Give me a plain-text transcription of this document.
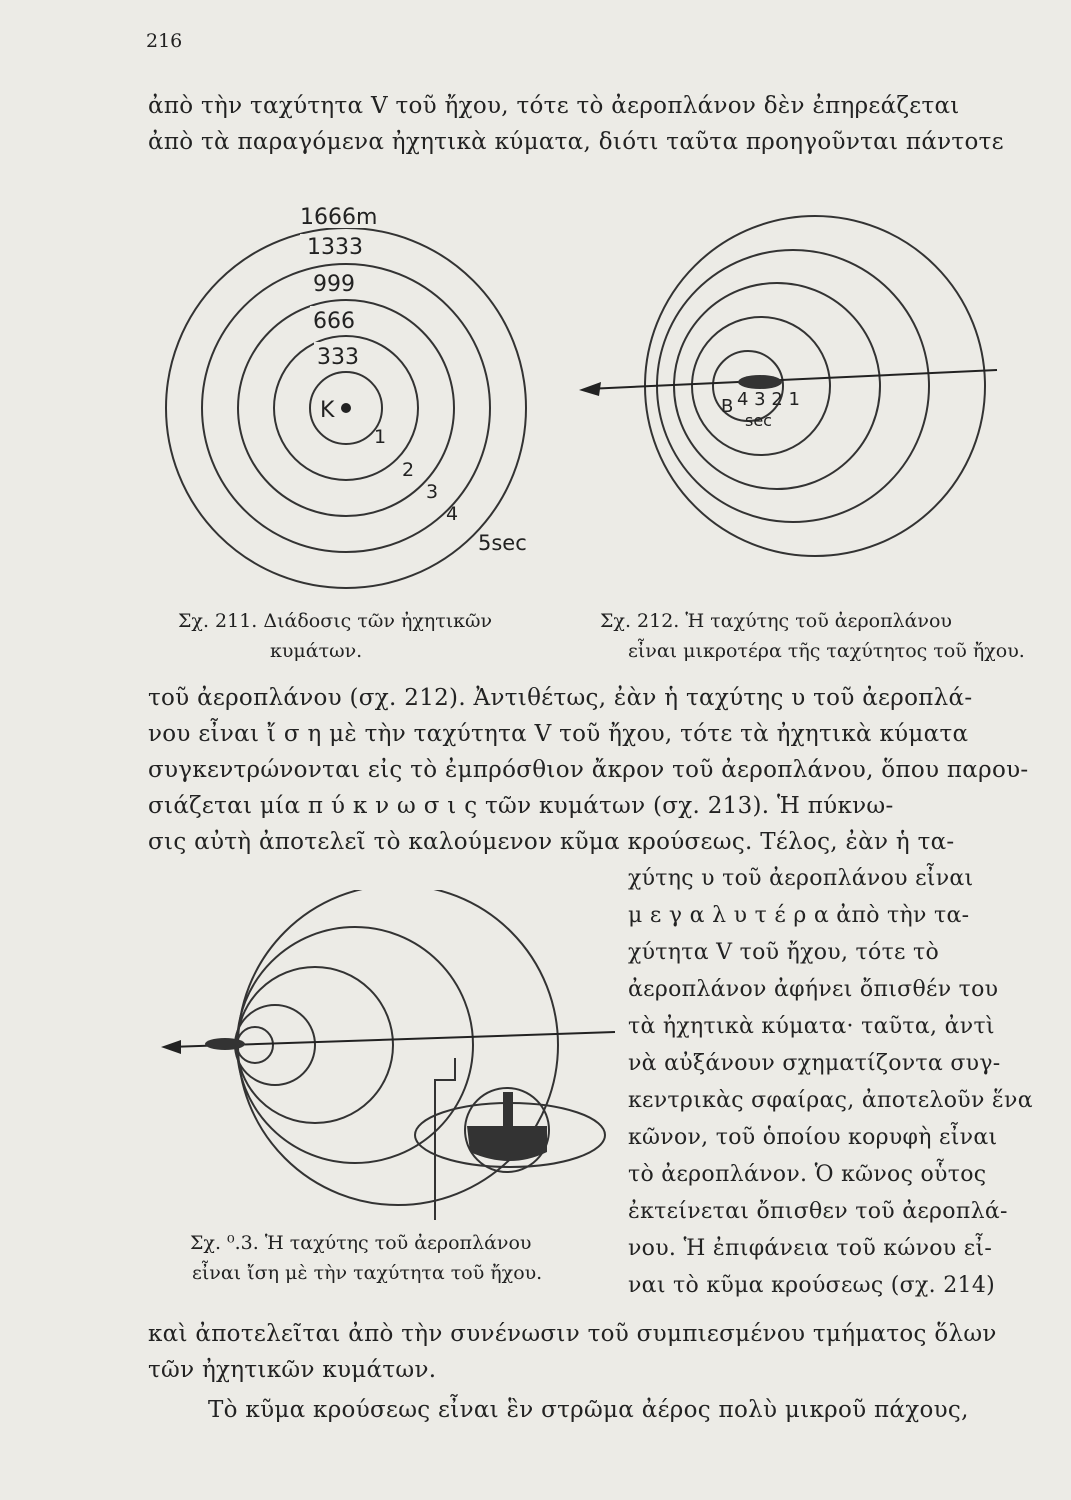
216
ἀπὸ τὴν ταχύτητα V τοῦ ἤχου, τότε τὸ ἀεροπλάνον δὲν ἐπηρεάζεται
ἀπὸ τὰ παραγόμενα ἠχητικὰ κύματα, διότι ταῦτα προηγοῦνται πάντοτε
1666m
1333
999
666
333
K
1
2
3
4
5sec
B 4 3 2 1
sec
Σχ. 211. Διάδοσις τῶν ἠχητικῶν
κυμάτων.
Σχ. 212. Ἡ ταχύτης τοῦ ἀεροπλάνου
εἶναι μικροτέρα τῆς ταχύτητος τοῦ ἤχου.
τοῦ ἀεροπλάνου (σχ. 212). Ἀντιθέτως, ἐὰν ἡ ταχύτης υ τοῦ ἀεροπλά-
νου εἶναι ἴ σ η μὲ τὴν ταχύτητα V τοῦ ἤχου, τότε τὰ ἠχητικὰ κύματα
συγκεντρώνονται εἰς τὸ ἐμπρόσθιον ἄκρον τοῦ ἀεροπλάνου, ὅπου παρου-
σιάζεται μία π ύ κ ν ω σ ι ς τῶν κυμάτων (σχ. 213). Ἡ πύκνω-
σις αὐτὴ ἀποτελεῖ τὸ καλούμενον κῦμα κρούσεως. Τέλος, ἐὰν ἡ τα-
χύτης υ τοῦ ἀεροπλάνου εἶναι
μ ε γ α λ υ τ έ ρ α ἀπὸ τὴν τα-
χύτητα V τοῦ ἤχου, τότε τὸ
ἀεροπλάνον ἀφήνει ὄπισθέν του
τὰ ἠχητικὰ κύματα· ταῦτα, ἀντὶ
νὰ αὐξάνουν σχηματίζοντα συγ-
κεντρικὰς σφαίρας, ἀποτελοῦν ἕνα
κῶνον, τοῦ ὁποίου κορυφὴ εἶναι
τὸ ἀεροπλάνον. Ὁ κῶνος οὗτος
ἐκτείνεται ὄπισθεν τοῦ ἀεροπλά-
νου. Ἡ ἐπιφάνεια τοῦ κώνου εἶ-
ναι τὸ κῦμα κρούσεως (σχ. 214)
Σχ. ⁰.3. Ἡ ταχύτης τοῦ ἀεροπλάνου
εἶναι ἴση μὲ τὴν ταχύτητα τοῦ ἤχου.
καὶ ἀποτελεῖται ἀπὸ τὴν συνένωσιν τοῦ συμπιεσμένου τμήματος ὅλων
τῶν ἠχητικῶν κυμάτων.
Τὸ κῦμα κρούσεως εἶναι ἓν στρῶμα ἀέρος πολὺ μικροῦ πάχους,
